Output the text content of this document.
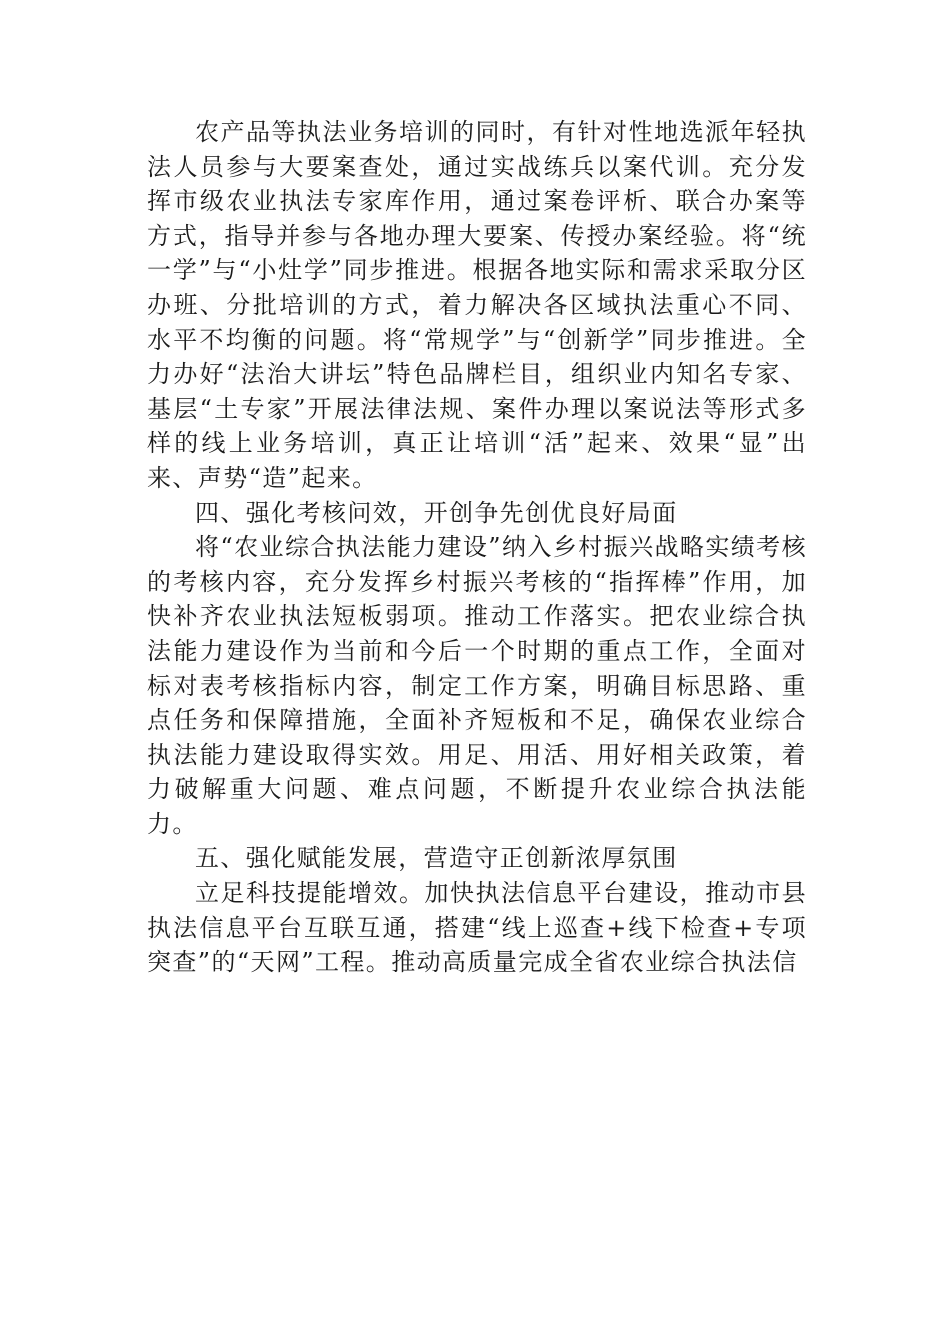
农产品等执法业务培训的同时，有针对性地选派年轻执法人员参与大要案查处，通过实战练兵以案代训。充分发挥市级农业执法专家库作用，通过案卷评析、联合办案等方式，指导并参与各地办理大要案、传授办案经验。将“统一学”与“小灶学”同步推进。根据各地实际和需求采取分区办班、分批培训的方式，着力解决各区域执法重心不同、水平不均衡的问题。将“常规学”与“创新学”同步推进。全力办好“法治大讲坛”特色品牌栏目，组织业内知名专家、基层“土专家”开展法律法规、案件办理以案说法等形式多样的线上业务培训，真正让培训“活”起来、效果“显”出来、声势“造”起来。

四、强化考核问效，开创争先创优良好局面

将“农业综合执法能力建设”纳入乡村振兴战略实绩考核的考核内容，充分发挥乡村振兴考核的“指挥棒”作用，加快补齐农业执法短板弱项。推动工作落实。把农业综合执法能力建设作为当前和今后一个时期的重点工作，全面对标对表考核指标内容，制定工作方案，明确目标思路、重点任务和保障措施，全面补齐短板和不足，确保农业综合执法能力建设取得实效。用足、用活、用好相关政策，着力破解重大问题、难点问题，不断提升农业综合执法能力。

五、强化赋能发展，营造守正创新浓厚氛围

立足科技提能增效。加快执法信息平台建设，推动市县执法信息平台互联互通，搭建“线上巡查+线下检查+专项突查”的“天网”工程。推动高质量完成全省农业综合执法信
